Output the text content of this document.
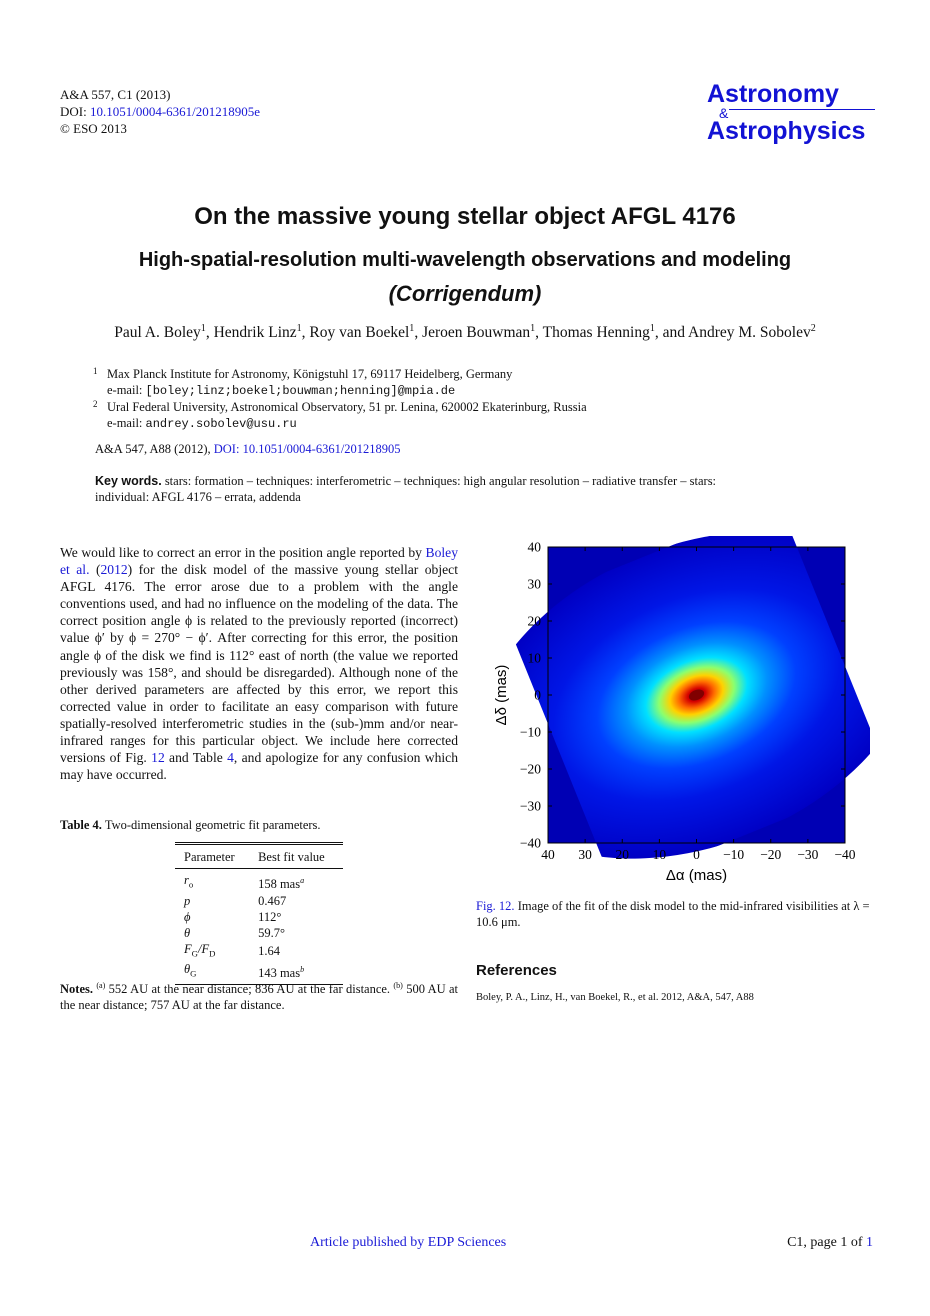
A&A 557, C1 (2013)
DOI: 10.1051/0004-6361/201218905e
© ESO 2013
Astronomy
&
Astrophysics
On the massive young stellar object AFGL 4176
High-spatial-resolution multi-wavelength observations and modeling
(Corrigendum)
Paul A. Boley$^1$, Hendrik Linz$^1$, Roy van Boekel$^1$, Jeroen Bouwman$^1$, Thomas Henning$^1$, and Andrey M. Sobolev$^2$
1 Max Planck Institute for Astronomy, Königstuhl 17, 69117 Heidelberg, Germany
e-mail: [boley;linz;boekel;bouwman;henning]@mpia.de
2 Ural Federal University, Astronomical Observatory, 51 pr. Lenina, 620002 Ekaterinburg, Russia
e-mail: andrey.sobolev@usu.ru
A&A 547, A88 (2012), DOI: 10.1051/0004-6361/201218905
Key words. stars: formation – techniques: interferometric – techniques: high angular resolution – radiative transfer – stars: individual: AFGL 4176 – errata, addenda
We would like to correct an error in the position angle reported by Boley et al. (2012) for the disk model of the massive young stellar object AFGL 4176. The error arose due to a problem with the angle conventions used, and had no influence on the modeling of the data. The correct position angle ϕ is related to the previously reported (incorrect) value ϕ′ by ϕ = 270° − ϕ′. After correcting for this error, the position angle ϕ of the disk we find is 112° east of north (the value we reported previously was 158°, and should be disregarded). Although none of the other derived parameters are affected by this error, we report this corrected value in order to facilitate an easy comparison with future spatially-resolved interferometric studies in the (sub-)mm and/or near-infrared ranges for this particular object. We include here corrected versions of Fig. 12 and Table 4, and apologize for any confusion which may have occurred.
Table 4. Two-dimensional geometric fit parameters.
Parameter	Best fit value
$r_o$	158 mas$^a$
p	0.467
ϕ	112°
θ	59.7°
$F_G/F_D$	1.64
$\theta_G$	143 mas$^b$
Notes. $^{(a)}$ 552 AU at the near distance; 836 AU at the far distance. $^{(b)}$ 500 AU at the near distance; 757 AU at the far distance.
40 30 20 10 0 −10 −20 −30 −40
40
30
20
10
0
−10
−20
−30
−40
Δα (mas)
Δδ (mas)
Fig. 12. Image of the fit of the disk model to the mid-infrared visibilities at λ = 10.6 μm.
References
Boley, P. A., Linz, H., van Boekel, R., et al. 2012, A&A, 547, A88
Article published by EDP Sciences	C1, page 1 of 1
